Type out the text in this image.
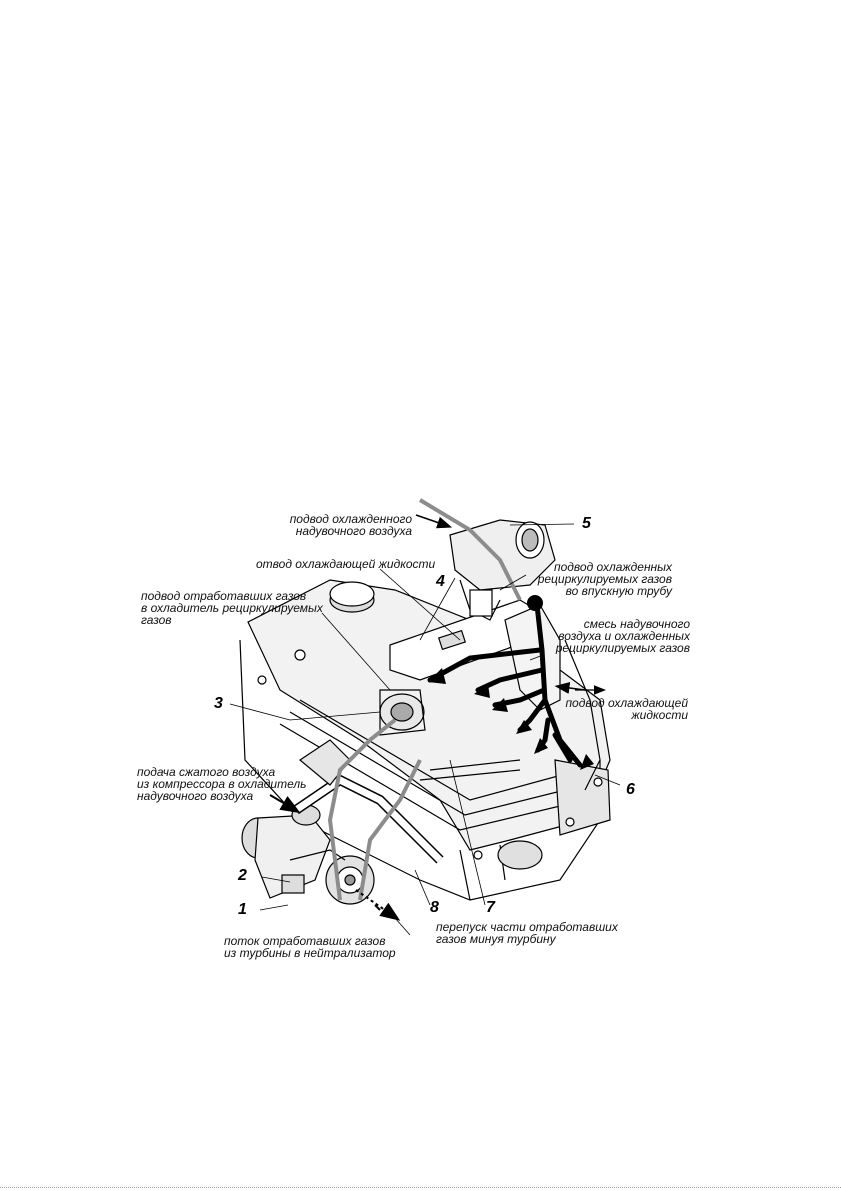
5
4
3
6
2
1	8	7
подвод охлажденного
надувочного воздуха
отвод охлаждающей жидкости
подвод отработавших газов
в охладитель рециркулируемых
газов
подвод охлажденных
рециркулируемых газов
во впускную трубу
смесь надувочного
воздуха и охлажденных
рециркулируемых газов
подвод охлаждающей
жидкости
подача сжатого воздуха
из компрессора в охладитель
надувочного воздуха
перепуск части отработавших
газов минуя турбину
поток отработавших газов
из турбины в нейтрализатор
